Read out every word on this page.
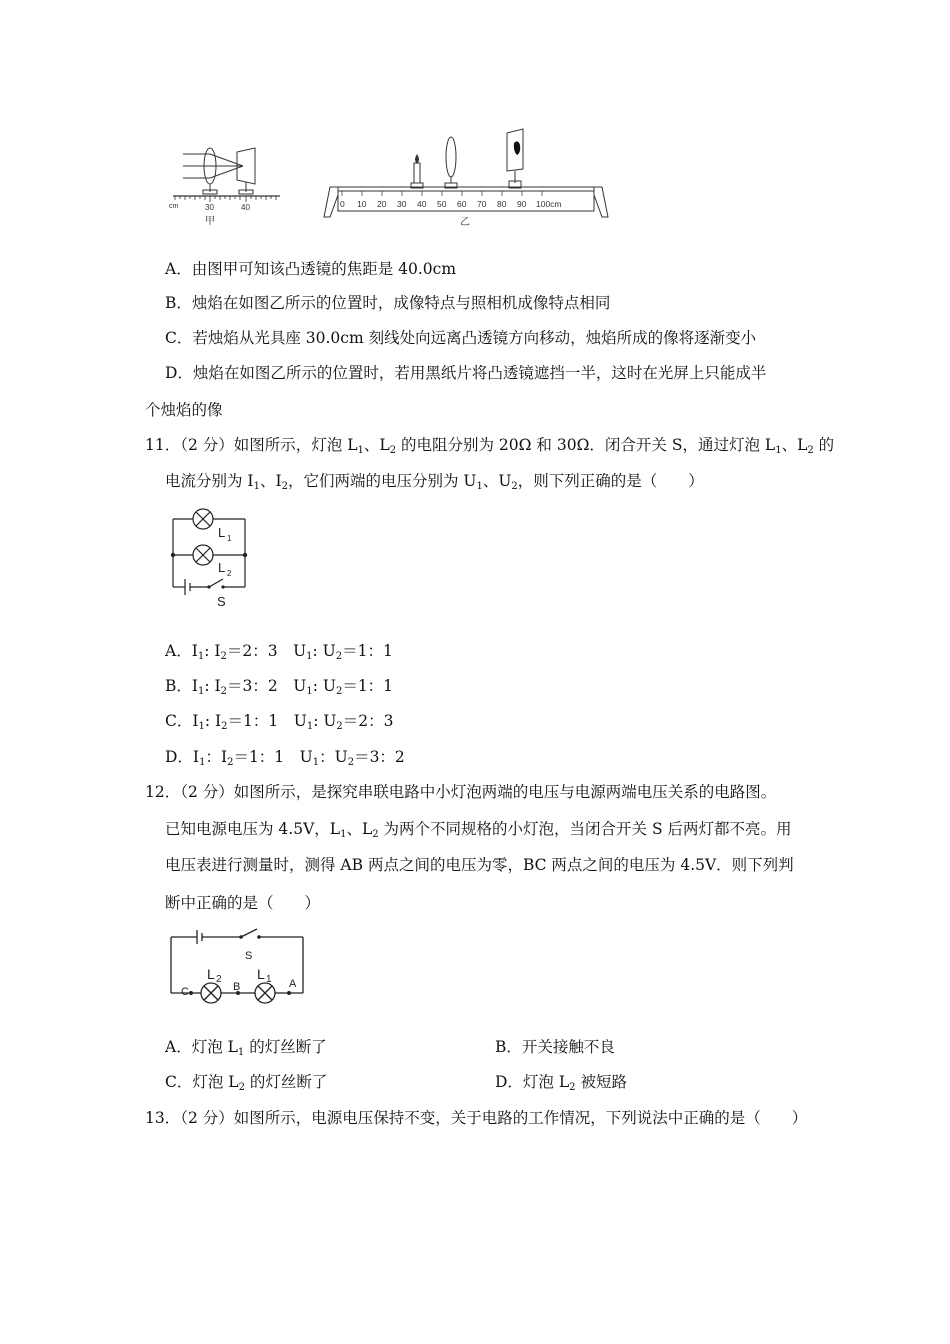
cm	30	40
甲
0 10 20 30 40 50 60 70 80 90 100cm
乙
A．由图甲可知该凸透镜的焦距是 40.0cm
B．烛焰在如图乙所示的位置时，成像特点与照相机成像特点相同
C．若烛焰从光具座 30.0cm 刻线处向远离凸透镜方向移动，烛焰所成的像将逐渐变小
D．烛焰在如图乙所示的位置时，若用黑纸片将凸透镜遮挡一半，这时在光屏上只能成半
个烛焰的像
11．（2 分）如图所示，灯泡 $L_1$、$L_2$ 的电阻分别为 20Ω 和 30Ω．闭合开关 S，通过灯泡 $L_1$、$L_2$ 的
电流分别为 $I_1$、$I_2$，它们两端的电压分别为 $U_1$、$U_2$，则下列正确的是（　　）
L 1
L 2
S
A．$I_1$: $I_2=2$：3　$U_1$: $U_2=1$：1
B．$I_1$: $I_2=3$：2　$U_1$: $U_2=1$：1
C．$I_1$: $I_2=1$：1　$U_1$: $U_2=2$：3
D．$I_1$：$I_2=1$：1　$U_1$：$U_2=3$：2
12．（2 分）如图所示，是探究串联电路中小灯泡两端的电压与电源两端电压关系的电路图。
已知电源电压为 4.5V，$L_1$、$L_2$ 为两个不同规格的小灯泡，当闭合开关 S 后两灯都不亮。用
电压表进行测量时，测得 AB 两点之间的电压为零，BC 两点之间的电压为 4.5V．则下列判
断中正确的是（　　）
S
L 2	L 1
C	B	A
A．灯泡 $L_1$ 的灯丝断了	B．开关接触不良
C．灯泡 $L_2$ 的灯丝断了	D．灯泡 $L_2$ 被短路
13．（2 分）如图所示，电源电压保持不变，关于电路的工作情况，下列说法中正确的是（　　）
